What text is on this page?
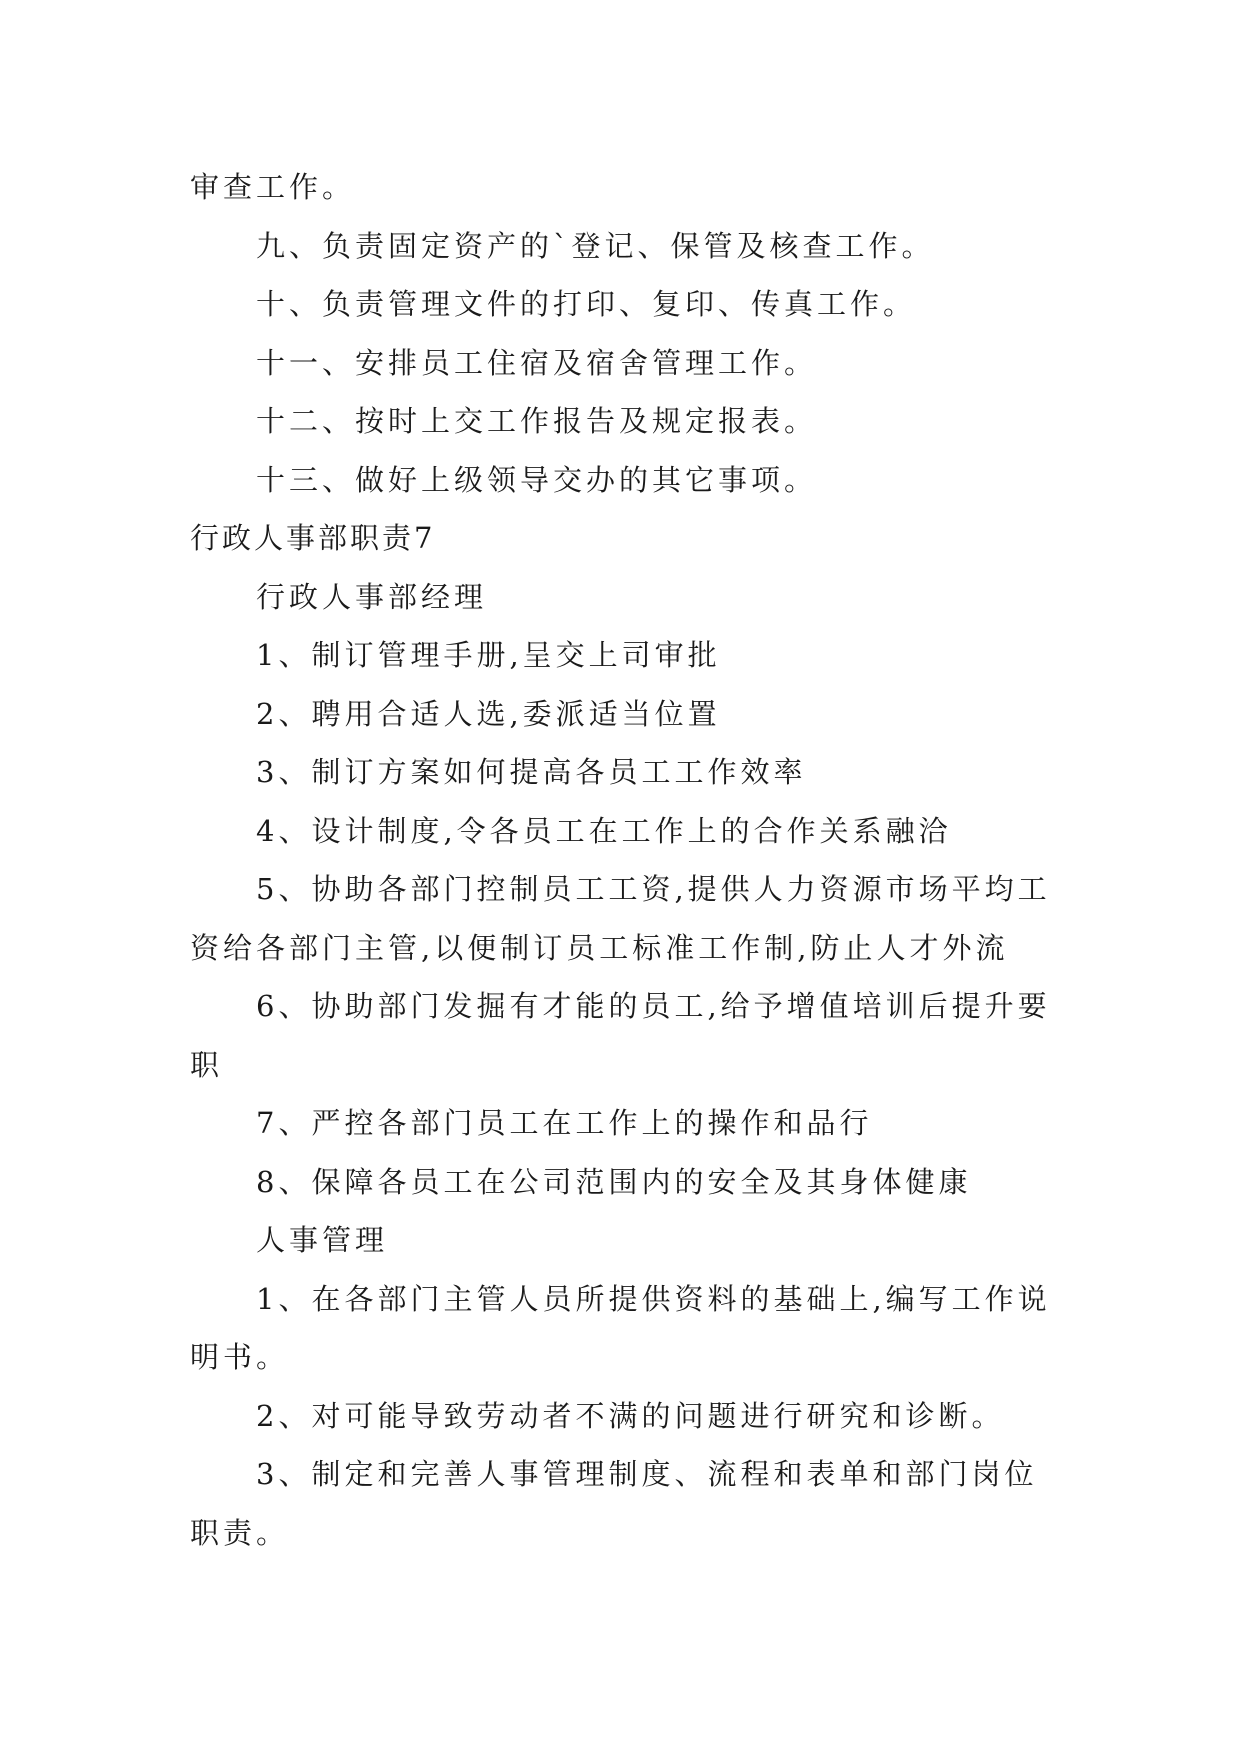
审查工作。
九、负责固定资产的`登记、保管及核查工作。
十、负责管理文件的打印、复印、传真工作。
十一、安排员工住宿及宿舍管理工作。
十二、按时上交工作报告及规定报表。
十三、做好上级领导交办的其它事项。
行政人事部职责7
行政人事部经理
1、制订管理手册,呈交上司审批
2、聘用合适人选,委派适当位置
3、制订方案如何提高各员工工作效率
4、设计制度,令各员工在工作上的合作关系融洽
5、协助各部门控制员工工资,提供人力资源市场平均工
资给各部门主管,以便制订员工标准工作制,防止人才外流
6、协助部门发掘有才能的员工,给予增值培训后提升要
职
7、严控各部门员工在工作上的操作和品行
8、保障各员工在公司范围内的安全及其身体健康
人事管理
1、在各部门主管人员所提供资料的基础上,编写工作说
明书。
2、对可能导致劳动者不满的问题进行研究和诊断。
3、制定和完善人事管理制度、流程和表单和部门岗位
职责。
